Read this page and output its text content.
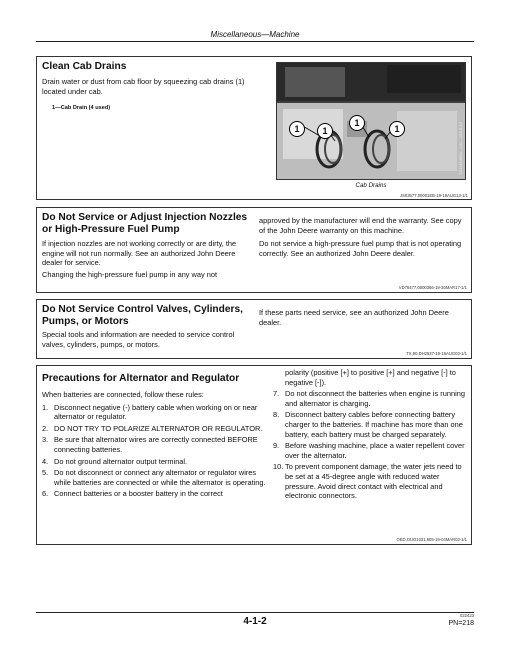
Miscellaneous—Machine
Clean Cab Drains
Drain water or dust from cab floor by squeezing cab drains (1) located under cab.
1—Cab Drain (4 used)
1	1
1
1	TX1149495A—UN—13JUL13
Cab Drains
JS03577,00001EB-19-19AUG13-1/1
Do Not Service or Adjust Injection Nozzles or High-Pressure Fuel Pump
If injection nozzles are not working correctly or are dirty, the engine will not run normally. See an authorized John Deere dealer for service.
Changing the high-pressure fuel pump in any way not
approved by the manufacturer will end the warranty. See copy of the John Deere warranty on this machine.
Do not service a high-pressure fuel pump that is not operating correctly. See an authorized John Deere dealer.
VD76477,0000366-19-30MAR17-1/1
Do Not Service Control Valves, Cylinders, Pumps, or Motors
Special tools and information are needed to service control valves, cylinders, pumps, or motors.
If these parts need service, see an authorized John Deere dealer.
TX,90,DH2537-19-15AUG03-1/1
Precautions for Alternator and Regulator
When batteries are connected, follow these rules:
1. Disconnect negative (-) battery cable when working on or near alternator or regulator.
2. DO NOT TRY TO POLARIZE ALTERNATOR OR REGULATOR.
3. Be sure that alternator wires are correctly connected BEFORE connecting batteries.
4. Do not ground alternator output terminal.
5. Do not disconnect or connect any alternator or regulator wires while batteries are connected or while the alternator is operating.
6. Connect batteries or a booster battery in the correct
polarity (positive [+] to positive [+] and negative [-] to negative [-]).
7. Do not disconnect the batteries when engine is running and alternator is charging.
8. Disconnect battery cables before connecting battery charger to the batteries. If machine has more than one battery, each battery must be charged separately.
9. Before washing machine, place a water repellent cover over the alternator.
10. To prevent component damage, the water jets need to be set at a 45-degree angle with reduced water pressure. Avoid direct contact with electrical and electronic connectors.
OED,OUO1031,605-19-04MAR03-1/1
4-1-2
022423
PN=218
